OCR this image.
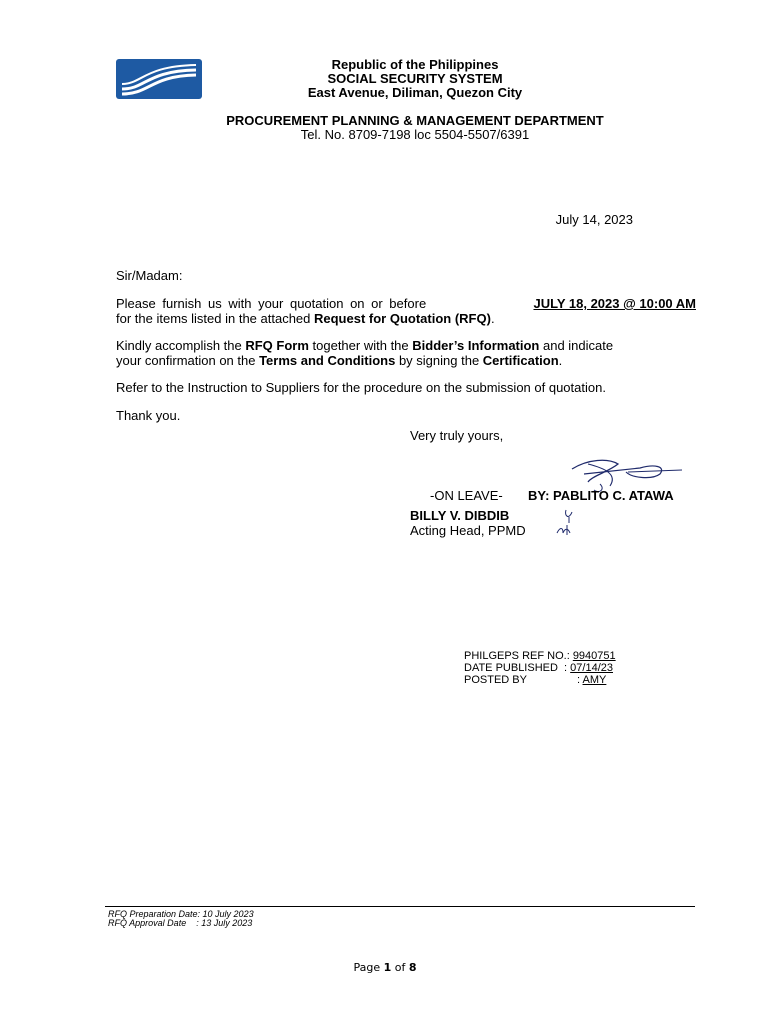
Republic of the Philippines
SOCIAL SECURITY SYSTEM
East Avenue, Diliman, Quezon City
PROCUREMENT PLANNING & MANAGEMENT DEPARTMENT
Tel. No. 8709-7198 loc 5504-5507/6391
July 14, 2023
Sir/Madam:
Please furnish us with your quotation on or before	JULY 18, 2023 @ 10:00 AM
for the items listed in the attached Request for Quotation (RFQ).
Kindly accomplish the RFQ Form together with the Bidder’s Information and indicate
your confirmation on the Terms and Conditions by signing the Certification.
Refer to the Instruction to Suppliers for the procedure on the submission of quotation.
Thank you.
Very truly yours,
-ON LEAVE- BY: PABLITO C. ATAWA
BILLY V. DIBDIB
Acting Head, PPMD
PHILGEPS REF NO.: 9940751
DATE PUBLISHED  : 07/14/23
POSTED BY	: AMY
RFQ Preparation Date: 10 July 2023
RFQ Approval Date    : 13 July 2023
Page 1 of 8
